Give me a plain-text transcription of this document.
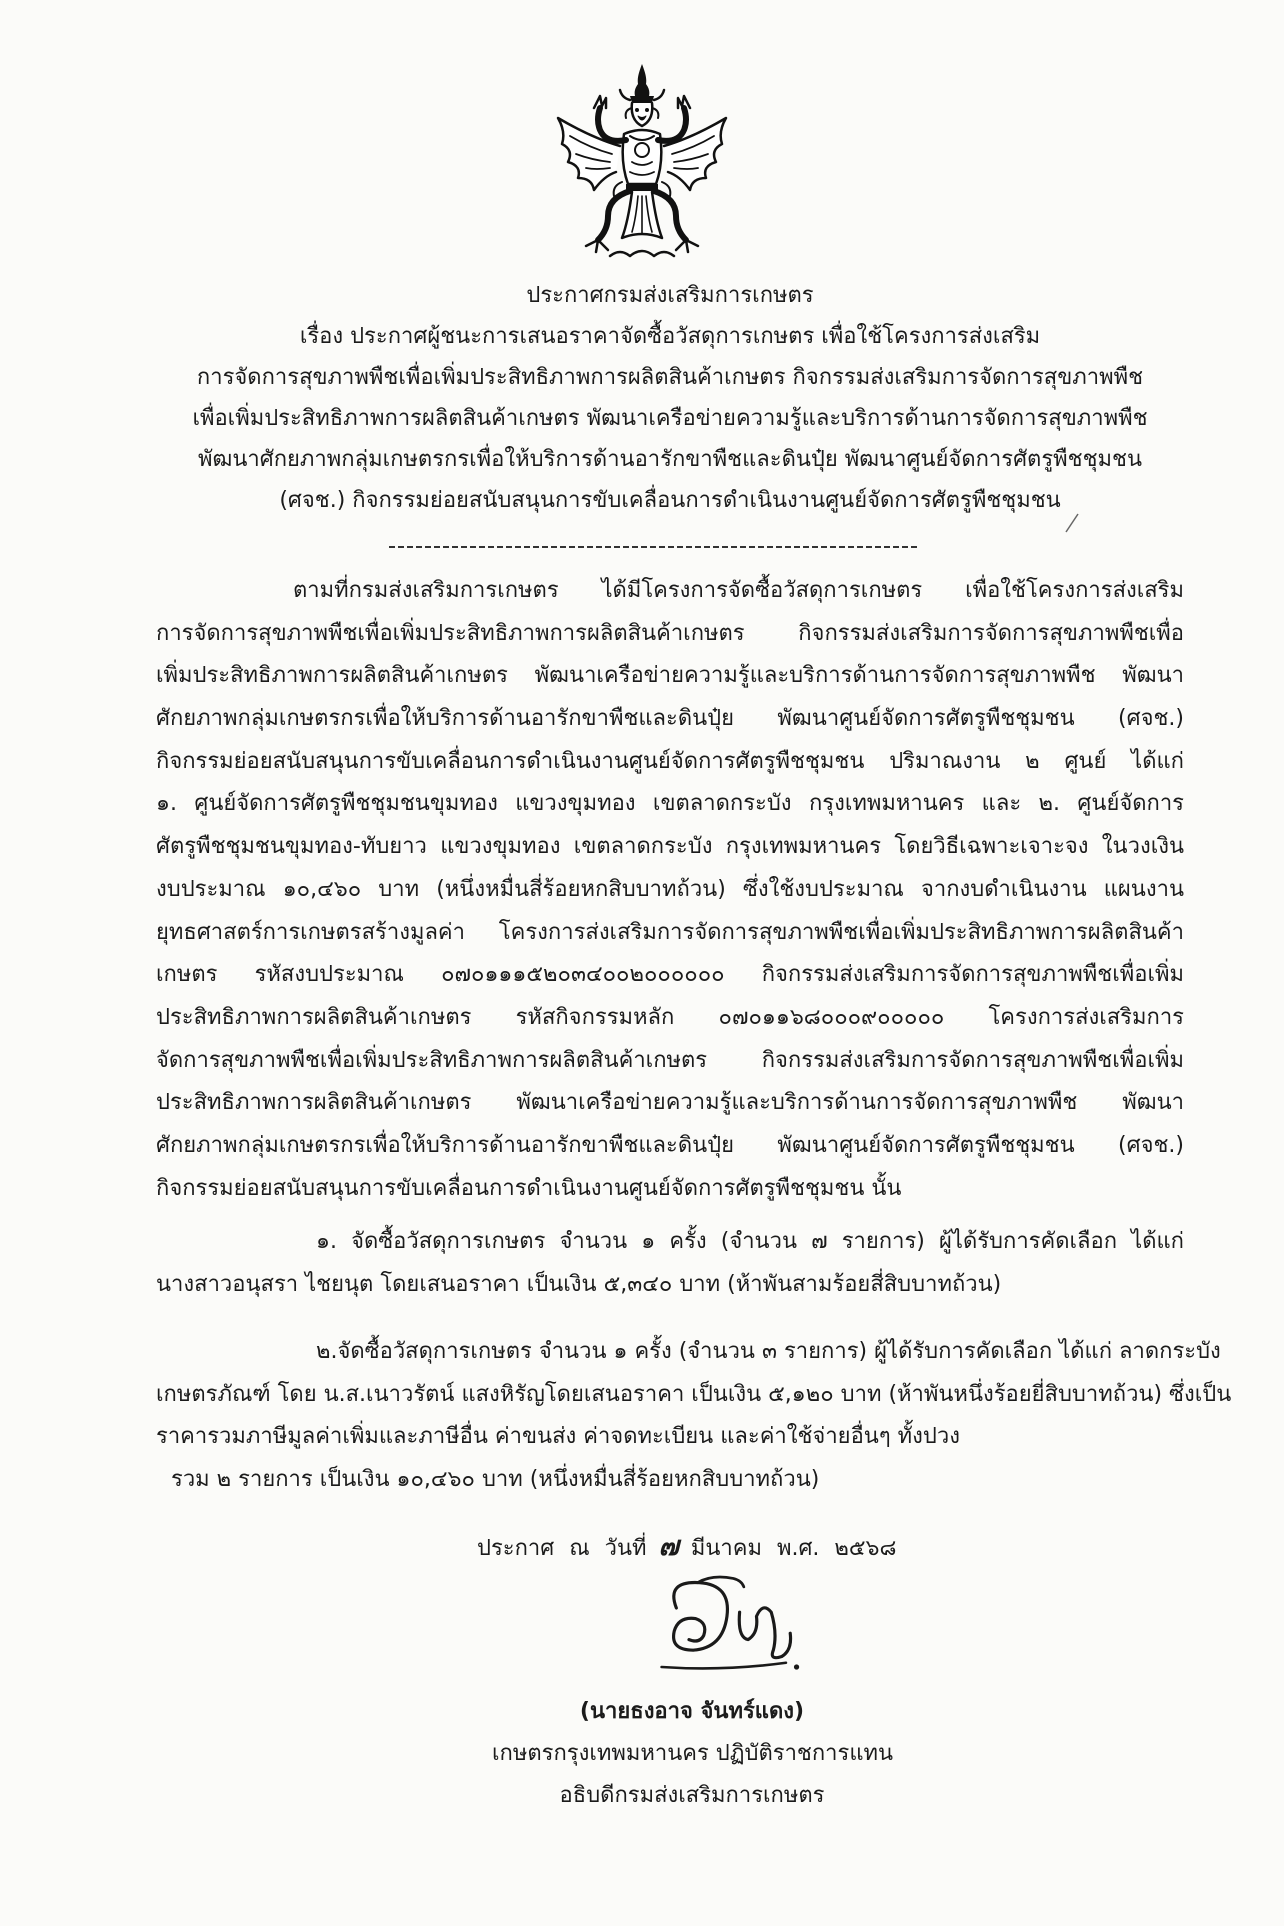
ประกาศกรมส่งเสริมการเกษตร
เรื่อง ประกาศผู้ชนะการเสนอราคาจัดซื้อวัสดุการเกษตร เพื่อใช้โครงการส่งเสริม
การจัดการสุขภาพพืชเพื่อเพิ่มประสิทธิภาพการผลิตสินค้าเกษตร กิจกรรมส่งเสริมการจัดการสุขภาพพืช
เพื่อเพิ่มประสิทธิภาพการผลิตสินค้าเกษตร พัฒนาเครือข่ายความรู้และบริการด้านการจัดการสุขภาพพืช
พัฒนาศักยภาพกลุ่มเกษตรกรเพื่อให้บริการด้านอารักขาพืชและดินปุ๋ย พัฒนาศูนย์จัดการศัตรูพืชชุมชน
(ศจช.) กิจกรรมย่อยสนับสนุนการขับเคลื่อนการดำเนินงานศูนย์จัดการศัตรูพืชชุมชน
ตามที่กรมส่งเสริมการเกษตร ได้มีโครงการจัดซื้อวัสดุการเกษตร เพื่อใช้โครงการส่งเสริม
การจัดการสุขภาพพืชเพื่อเพิ่มประสิทธิภาพการผลิตสินค้าเกษตร กิจกรรมส่งเสริมการจัดการสุขภาพพืชเพื่อ
เพิ่มประสิทธิภาพการผลิตสินค้าเกษตร พัฒนาเครือข่ายความรู้และบริการด้านการจัดการสุขภาพพืช พัฒนา
ศักยภาพกลุ่มเกษตรกรเพื่อให้บริการด้านอารักขาพืชและดินปุ๋ย พัฒนาศูนย์จัดการศัตรูพืชชุมชน (ศจช.)
กิจกรรมย่อยสนับสนุนการขับเคลื่อนการดำเนินงานศูนย์จัดการศัตรูพืชชุมชน ปริมาณงาน ๒ ศูนย์ ได้แก่
๑. ศูนย์จัดการศัตรูพืชชุมชนขุมทอง แขวงขุมทอง เขตลาดกระบัง กรุงเทพมหานคร และ ๒. ศูนย์จัดการ
ศัตรูพืชชุมชนขุมทอง-ทับยาว แขวงขุมทอง เขตลาดกระบัง กรุงเทพมหานคร โดยวิธีเฉพาะเจาะจง ในวงเงิน
งบประมาณ ๑๐,๔๖๐ บาท (หนึ่งหมื่นสี่ร้อยหกสิบบาทถ้วน) ซึ่งใช้งบประมาณ จากงบดำเนินงาน แผนงาน
ยุทธศาสตร์การเกษตรสร้างมูลค่า โครงการส่งเสริมการจัดการสุขภาพพืชเพื่อเพิ่มประสิทธิภาพการผลิตสินค้า
เกษตร รหัสงบประมาณ ๐๗๐๑๑๑๕๒๐๓๔๐๐๒๐๐๐๐๐๐ กิจกรรมส่งเสริมการจัดการสุขภาพพืชเพื่อเพิ่ม
ประสิทธิภาพการผลิตสินค้าเกษตร รหัสกิจกรรมหลัก ๐๗๐๑๑๖๘๐๐๐๙๐๐๐๐๐ โครงการส่งเสริมการ
จัดการสุขภาพพืชเพื่อเพิ่มประสิทธิภาพการผลิตสินค้าเกษตร กิจกรรมส่งเสริมการจัดการสุขภาพพืชเพื่อเพิ่ม
ประสิทธิภาพการผลิตสินค้าเกษตร พัฒนาเครือข่ายความรู้และบริการด้านการจัดการสุขภาพพืช พัฒนา
ศักยภาพกลุ่มเกษตรกรเพื่อให้บริการด้านอารักขาพืชและดินปุ๋ย พัฒนาศูนย์จัดการศัตรูพืชชุมชน (ศจช.)
กิจกรรมย่อยสนับสนุนการขับเคลื่อนการดำเนินงานศูนย์จัดการศัตรูพืชชุมชน นั้น
๑. จัดซื้อวัสดุการเกษตร จำนวน ๑ ครั้ง (จำนวน ๗ รายการ) ผู้ได้รับการคัดเลือก ได้แก่
นางสาวอนุสรา ไชยนุต โดยเสนอราคา เป็นเงิน ๕,๓๔๐ บาท (ห้าพันสามร้อยสี่สิบบาทถ้วน)
๒.จัดซื้อวัสดุการเกษตร จำนวน ๑ ครั้ง (จำนวน ๓ รายการ) ผู้ได้รับการคัดเลือก ได้แก่ ลาดกระบัง
เกษตรภัณฑ์ โดย น.ส.เนาวรัตน์ แสงหิรัญโดยเสนอราคา เป็นเงิน ๕,๑๒๐ บาท (ห้าพันหนึ่งร้อยยี่สิบบาทถ้วน) ซึ่งเป็น
ราคารวมภาษีมูลค่าเพิ่มและภาษีอื่น ค่าขนส่ง ค่าจดทะเบียน และค่าใช้จ่ายอื่นๆ ทั้งปวง
รวม ๒ รายการ เป็นเงิน ๑๐,๔๖๐ บาท (หนึ่งหมื่นสี่ร้อยหกสิบบาทถ้วน)
ประกาศ ณ วันที่ ๗ มีนาคม พ.ศ. ๒๕๖๘
(นายธงอาจ จันทร์แดง)
เกษตรกรุงเทพมหานคร ปฏิบัติราชการแทน
อธิบดีกรมส่งเสริมการเกษตร
